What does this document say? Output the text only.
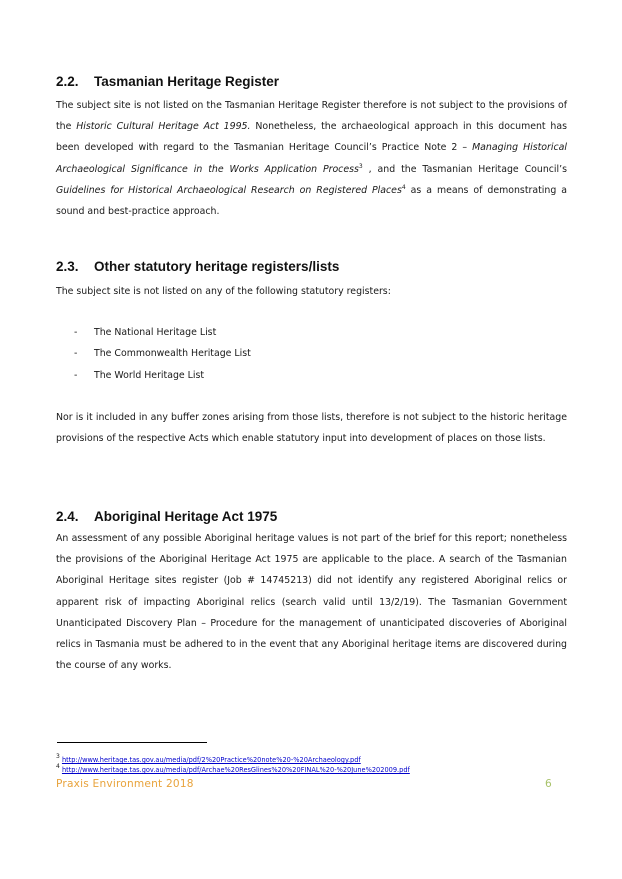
2.2. Tasmanian Heritage Register

The subject site is not listed on the Tasmanian Heritage Register therefore is not subject to the provisions of the Historic Cultural Heritage Act 1995. Nonetheless, the archaeological approach in this document has been developed with regard to the Tasmanian Heritage Council’s Practice Note 2 – Managing Historical Archaeological Significance in the Works Application Process$^3$ , and the Tasmanian Heritage Council’s Guidelines for Historical Archaeological Research on Registered Places$^4$ as a means of demonstrating a sound and best-practice approach.

2.3. Other statutory heritage registers/lists

The subject site is not listed on any of the following statutory registers:

- The National Heritage List
- The Commonwealth Heritage List
- The World Heritage List

Nor is it included in any buffer zones arising from those lists, therefore is not subject to the historic heritage provisions of the respective Acts which enable statutory input into development of places on those lists.

2.4. Aboriginal Heritage Act 1975

An assessment of any possible Aboriginal heritage values is not part of the brief for this report; nonetheless the provisions of the Aboriginal Heritage Act 1975 are applicable to the place. A search of the Tasmanian Aboriginal Heritage sites register (Job # 14745213) did not identify any registered Aboriginal relics or apparent risk of impacting Aboriginal relics (search valid until 13/2/19). The Tasmanian Government Unanticipated Discovery Plan – Procedure for the management of unanticipated discoveries of Aboriginal relics in Tasmania must be adhered to in the event that any Aboriginal heritage items are discovered during the course of any works.

$^3$ http://www.heritage.tas.gov.au/media/pdf/2%20Practice%20note%20-%20Archaeology.pdf
$^4$ http://www.heritage.tas.gov.au/media/pdf/Archae%20ResGlines%20%20FINAL%20-%20June%202009.pdf
Praxis Environment 2018	6
